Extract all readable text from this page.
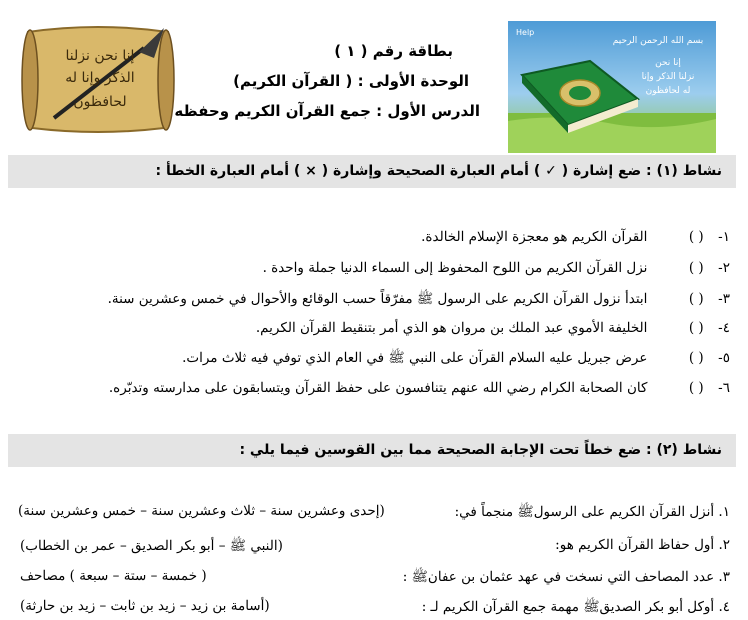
إنا نحن نزلنا
الذكر وإنا له
لحافظون
Help
بسم الله الرحمن الرحيم
إنا نحن
نزلنا الذكر وإنا
له لحافظون
بطاقة رقم ( ١ )
الوحدة الأولى : ( القرآن الكريم)
الدرس الأول : جمع القرآن الكريم وحفظه
نشاط (١) : ضع إشارة ( ✓ ) أمام العبارة الصحيحة وإشارة ( × ) أمام العبارة الخطأ :
١- ( ) القرآن الكريم هو معجزة الإسلام الخالدة.
٢- ( ) نزل القرآن الكريم من اللوح المحفوظ إلى السماء الدنيا جملة واحدة .
٣- ( ) ابتدأ نزول القرآن الكريم على الرسول ﷺ مفرّقاً حسب الوقائع والأحوال في خمس وعشرين سنة.
٤- ( ) الخليفة الأموي عبد الملك بن مروان هو الذي أمر بتنقيط القرآن الكريم.
٥- ( ) عرض جبريل عليه السلام القرآن على النبي ﷺ في العام الذي توفي فيه ثلاث مرات.
٦- ( ) كان الصحابة الكرام رضي الله عنهم يتنافسون على حفظ القرآن ويتسابقون على مدارسته وتدبّره.
نشاط (٢) : ضع خطاً تحت الإجابة الصحيحة مما بين القوسين فيما يلي :
١. أنزل القرآن الكريم على الرسولﷺ منجماً في:
(إحدى وعشرين سنة – ثلاث وعشرين سنة – خمس وعشرين سنة)
٢. أول حفاظ القرآن الكريم هو:
(النبي ﷺ – أبو بكر الصديق – عمر بن الخطاب)
٣. عدد المصاحف التي نسخت في عهد عثمان بن عفانﷺ :
( خمسة – ستة – سبعة ) مصاحف
٤. أوكل أبو بكر الصديقﷺ مهمة جمع القرآن الكريم لـ :
(أسامة بن زيد – زيد بن ثابت – زيد بن حارثة)
